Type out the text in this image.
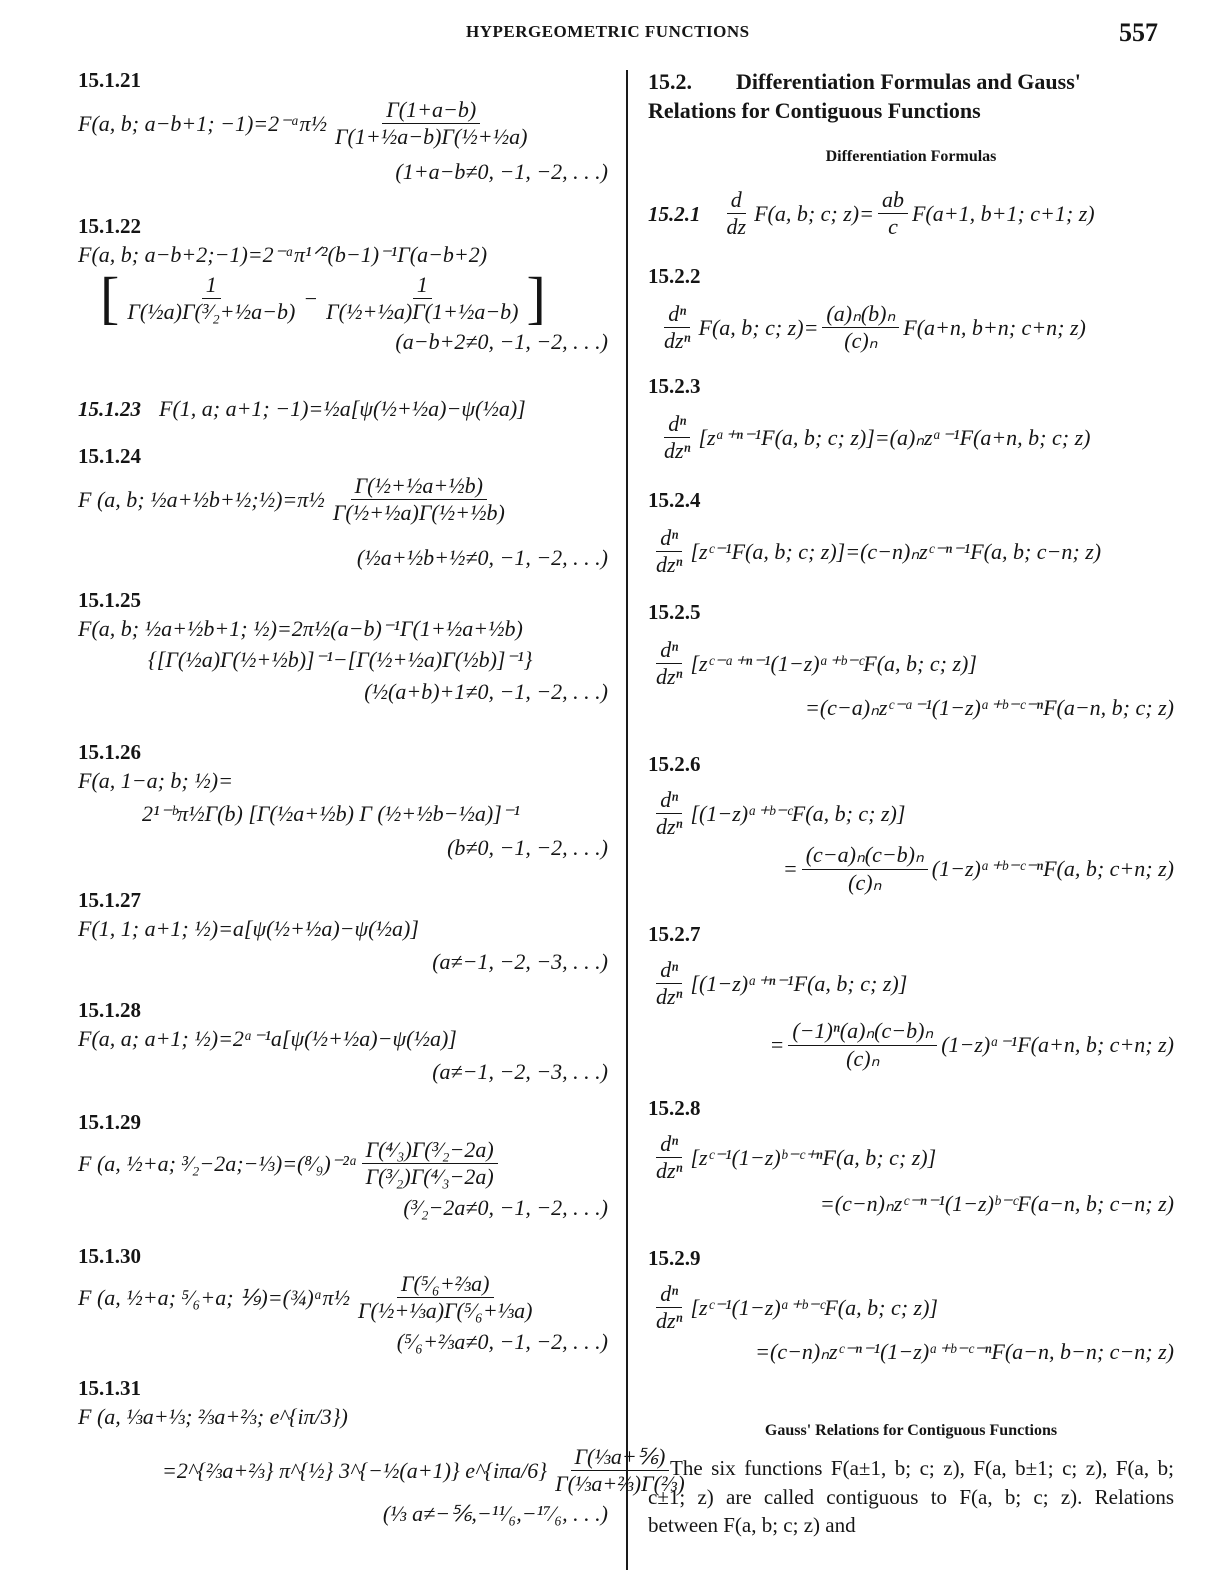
HYPERGEOMETRIC FUNCTIONS	557
15.1.21
F(a, b; a−b+1; −1)=2⁻ᵃπ½ $\frac{\Gamma(1+a-b)}{\text{Γ(1+½a−b)Γ(½+½a)}}$
(1+a−b≠0, −1, −2, . . .)
15.1.22
F(a, b; a−b+2;−1)=2⁻ᵃπ¹ᐟ²(b−1)⁻¹Γ(a−b+2)
[ $\frac{1}{\text{Γ(½a)Γ(³⁄₂+½a−b)}} - \frac{1}{\text{Γ(½+½a)Γ(1+½a−b)}}$ ]
(a−b+2≠0, −1, −2, . . .)
15.1.23 F(1, a; a+1; −1)=½a[ψ(½+½a)−ψ(½a)]
15.1.24
F (a, b; ½a+½b+½;½)=π½ $\frac{\text{Γ(½+½a+½b)}}{\text{Γ(½+½a)Γ(½+½b)}}$
(½a+½b+½≠0, −1, −2, . . .)
15.1.25
F(a, b; ½a+½b+1; ½)=2π½(a−b)⁻¹Γ(1+½a+½b)
{[Γ(½a)Γ(½+½b)]⁻¹−[Γ(½+½a)Γ(½b)]⁻¹}
(½(a+b)+1≠0, −1, −2, . . .)
15.1.26
F(a, 1−a; b; ½)=
2¹⁻ᵇπ½Γ(b) [Γ(½a+½b) Γ (½+½b−½a)]⁻¹
(b≠0, −1, −2, . . .)
15.1.27
F(1, 1; a+1; ½)=a[ψ(½+½a)−ψ(½a)]
(a≠−1, −2, −3, . . .)
15.1.28
F(a, a; a+1; ½)=2ᵃ⁻¹a[ψ(½+½a)−ψ(½a)]
(a≠−1, −2, −3, . . .)
15.1.29
F (a, ½+a; ³⁄₂−2a;−⅓)=(⁸⁄₉)⁻²ᵃ $\frac{\text{Γ(⁴⁄₃)Γ(³⁄₂−2a)}}{\text{Γ(³⁄₂)Γ(⁴⁄₃−2a)}}$
(³⁄₂−2a≠0, −1, −2, . . .)
15.1.30
F (a, ½+a; ⁵⁄₆+a; ⅑)=(¾)ᵃπ½ $\frac{\text{Γ(⁵⁄₆+⅔a)}}{\text{Γ(½+⅓a)Γ(⁵⁄₆+⅓a)}}$
(⁵⁄₆+⅔a≠0, −1, −2, . . .)
15.1.31
F (a, ⅓a+⅓; ⅔a+⅔; e^{iπ/3})
=2^{⅔a+⅔} π^{½} 3^{−½(a+1)} e^{iπa/6} $\frac{\text{Γ(⅓a+⅚)}}{\text{Γ(⅓a+⅔)Γ(⅔)}}$
(⅓ a≠−⅚,−¹¹⁄₆,−¹⁷⁄₆, . . .)
15.2. Differentiation Formulas and Gauss'
Relations for Contiguous Functions
Differentiation Formulas
$15.2.1 \frac{d}{dz} F(a$, b; c; $z)= \frac{ab}{c} F(a+1$, b+1; c+1; z)
15.2.2
$\frac{\text{dⁿ}}{\text{dzⁿ}} F(a$, b; c; $z)= \frac{\text{(a)ₙ(b)ₙ}}{\text{(c)ₙ}} F(a+n$, b+n; c+n; z)
15.2.3
$\frac{\text{dⁿ}}{\text{dzⁿ}}$ [zᵃ⁺ⁿ⁻¹F(a, b; c; z)]=(a)ₙzᵃ⁻¹F(a+n, b; c; z)
15.2.4
$\frac{\text{dⁿ}}{\text{dzⁿ}}$ [zᶜ⁻¹F(a, b; c; z)]=(c−n)ₙzᶜ⁻ⁿ⁻¹F(a, b; c−n; z)
15.2.5
$\frac{\text{dⁿ}}{\text{dzⁿ}}$ [zᶜ⁻ᵃ⁺ⁿ⁻¹(1−z)ᵃ⁺ᵇ⁻ᶜF(a, b; c; z)]
=(c−a)ₙzᶜ⁻ᵃ⁻¹(1−z)ᵃ⁺ᵇ⁻ᶜ⁻ⁿF(a−n, b; c; z)
15.2.6
$\frac{\text{dⁿ}}{\text{dzⁿ}}$ [(1−z)ᵃ⁺ᵇ⁻ᶜF(a, b; c; z)]
= $\frac{\text{(c−a)ₙ(c−b)ₙ}}{\text{(c)ₙ}}$ (1−z)ᵃ⁺ᵇ⁻ᶜ⁻ⁿF(a, b; c+n; z)
15.2.7
$\frac{\text{dⁿ}}{\text{dzⁿ}}$ [(1−z)ᵃ⁺ⁿ⁻¹F(a, b; c; z)]
= $\frac{\text{(−1)ⁿ(a)ₙ(c−b)ₙ}}{\text{(c)ₙ}}$ (1−z)ᵃ⁻¹F(a+n, b; c+n; z)
15.2.8
$\frac{\text{dⁿ}}{\text{dzⁿ}}$ [zᶜ⁻¹(1−z)ᵇ⁻ᶜ⁺ⁿF(a, b; c; z)]
=(c−n)ₙzᶜ⁻ⁿ⁻¹(1−z)ᵇ⁻ᶜF(a−n, b; c−n; z)
15.2.9
$\frac{\text{dⁿ}}{\text{dzⁿ}}$ [zᶜ⁻¹(1−z)ᵃ⁺ᵇ⁻ᶜF(a, b; c; z)]
=(c−n)ₙzᶜ⁻ⁿ⁻¹(1−z)ᵃ⁺ᵇ⁻ᶜ⁻ⁿF(a−n, b−n; c−n; z)
Gauss' Relations for Contiguous Functions
The six functions F(a±1, b; c; z), F(a, b±1; c; z), F(a, b; c±1; z) are called contiguous to F(a, b; c; z). Relations between F(a, b; c; z) and
